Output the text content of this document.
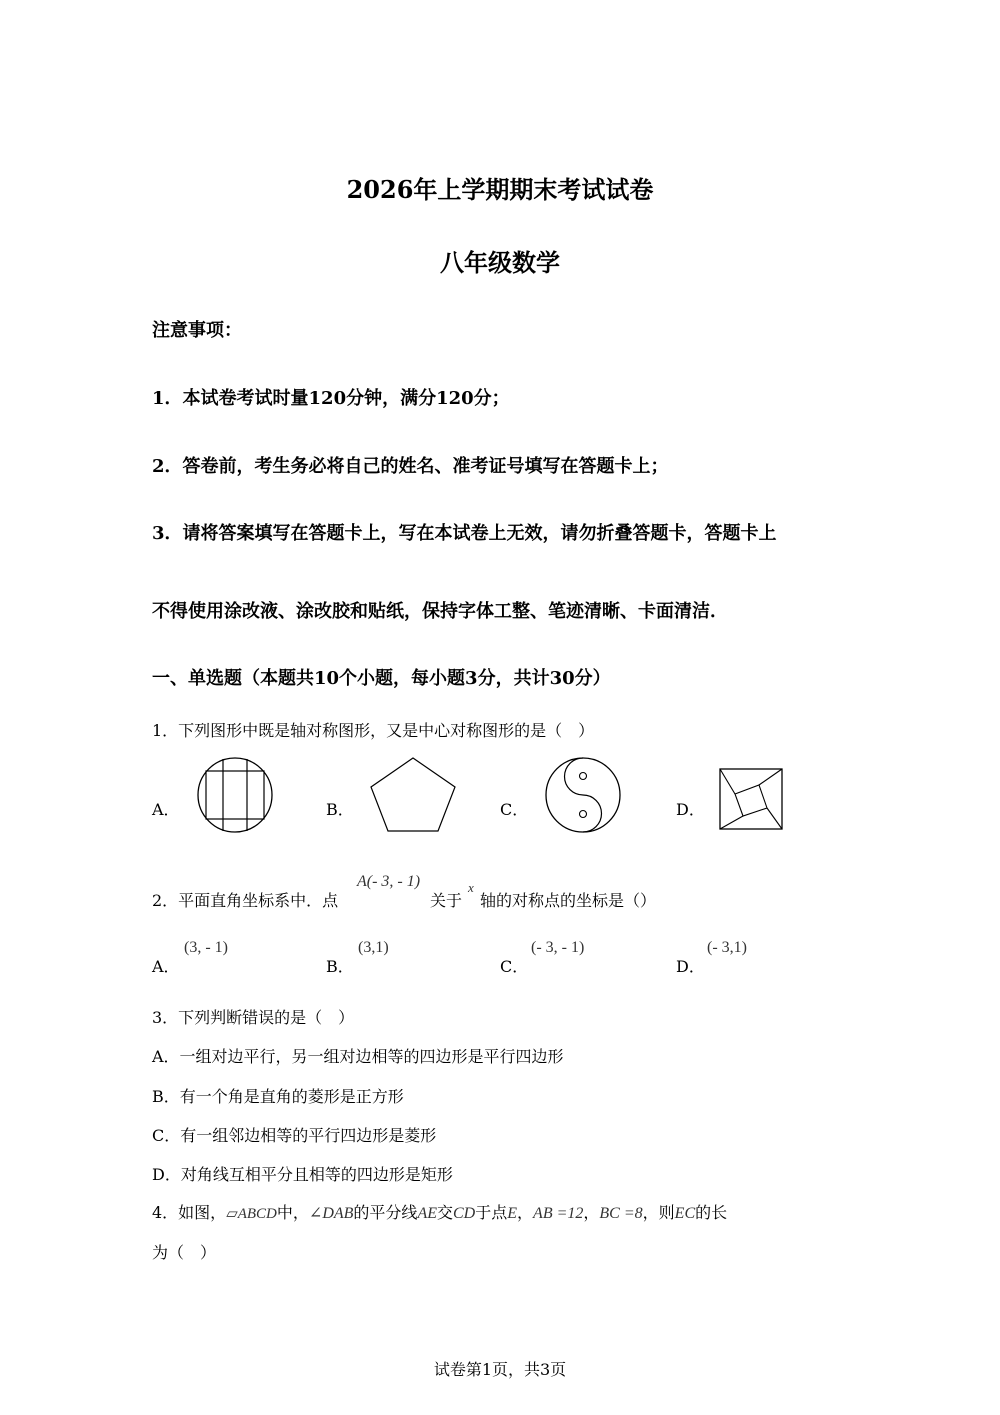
2026年上学期期末考试试卷
八年级数学
注意事项：
1．本试卷考试时量120分钟，满分120分；
2．答卷前，考生务必将自己的姓名、准考证号填写在答题卡上；
3．请将答案填写在答题卡上，写在本试卷上无效，请勿折叠答题卡，答题卡上
不得使用涂改液、涂改胶和贴纸，保持字体工整、笔迹清晰、卡面清洁．
一、单选题（本题共10个小题，每小题3分，共计30分）
1．下列图形中既是轴对称图形，又是中心对称图形的是（　）
A．	B．	C．	D．
2．平面直角坐标系中．点
A(- 3, - 1)
关于
x
轴的对称点的坐标是（）
A．
(3, - 1)
B．
(3,1)
C．
(- 3, - 1)
D．
(- 3,1)
3．下列判断错误的是（　）
A．一组对边平行，另一组对边相等的四边形是平行四边形
B．有一个角是直角的菱形是正方形
C．有一组邻边相等的平行四边形是菱形
D．对角线互相平分且相等的四边形是矩形
4．如图，▱ABCD中，∠DAB的平分线AE交CD于点E，AB =12，BC =8，则EC的长
为（　）
试卷第1页，共3页
